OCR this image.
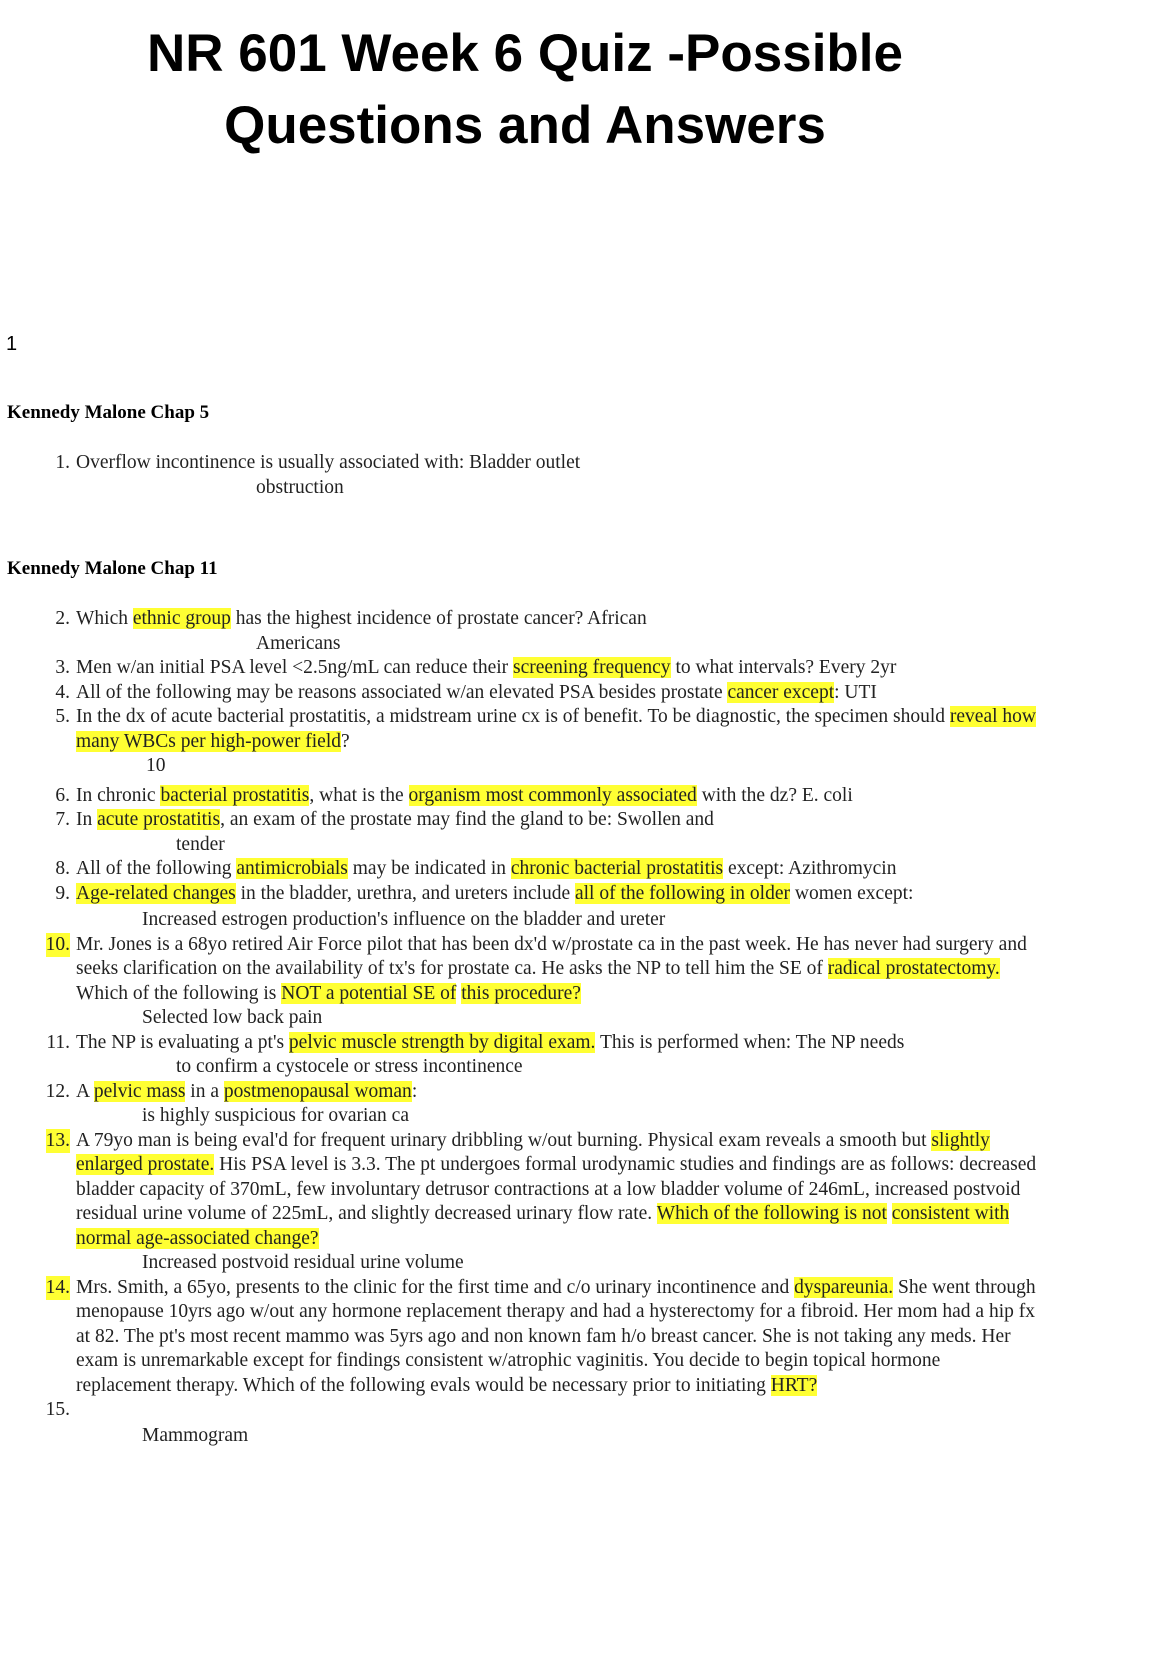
NR 601 Week 6 Quiz -Possible
Questions and Answers
1
Kennedy Malone Chap 5
1. Overflow incontinence is usually associated with: Bladder outlet
obstruction
Kennedy Malone Chap 11
2. Which ethnic group has the highest incidence of prostate cancer? African
Americans
3. Men w/an initial PSA level <2.5ng/mL can reduce their screening frequency to what intervals? Every 2yr
4. All of the following may be reasons associated w/an elevated PSA besides prostate cancer except: UTI
5. In the dx of acute bacterial prostatitis, a midstream urine cx is of benefit. To be diagnostic, the specimen should reveal how many WBCs per high-power field?
10
6. In chronic bacterial prostatitis, what is the organism most commonly associated with the dz? E. coli
7. In acute prostatitis, an exam of the prostate may find the gland to be: Swollen and
tender
8. All of the following antimicrobials may be indicated in chronic bacterial prostatitis except: Azithromycin
9. Age-related changes in the bladder, urethra, and ureters include all of the following in older women except:
Increased estrogen production's influence on the bladder and ureter
10. Mr. Jones is a 68yo retired Air Force pilot that has been dx'd w/prostate ca in the past week. He has never had surgery and seeks clarification on the availability of tx's for prostate ca. He asks the NP to tell him the SE of radical prostatectomy. Which of the following is NOT a potential SE of this procedure?
Selected low back pain
11. The NP is evaluating a pt's pelvic muscle strength by digital exam. This is performed when: The NP needs
to confirm a cystocele or stress incontinence
12. A pelvic mass in a postmenopausal woman:
is highly suspicious for ovarian ca
13. A 79yo man is being eval'd for frequent urinary dribbling w/out burning. Physical exam reveals a smooth but slightly enlarged prostate. His PSA level is 3.3. The pt undergoes formal urodynamic studies and findings are as follows: decreased bladder capacity of 370mL, few involuntary detrusor contractions at a low bladder volume of 246mL, increased postvoid residual urine volume of 225mL, and slightly decreased urinary flow rate. Which of the following is not consistent with normal age-associated change?
Increased postvoid residual urine volume
14. Mrs. Smith, a 65yo, presents to the clinic for the first time and c/o urinary incontinence and dyspareunia. She went through menopause 10yrs ago w/out any hormone replacement therapy and had a hysterectomy for a fibroid. Her mom had a hip fx at 82. The pt's most recent mammo was 5yrs ago and non known fam h/o breast cancer. She is not taking any meds. Her exam is unremarkable except for findings consistent w/atrophic vaginitis. You decide to begin topical hormone replacement therapy. Which of the following evals would be necessary prior to initiating HRT?
15.

Mammogram
